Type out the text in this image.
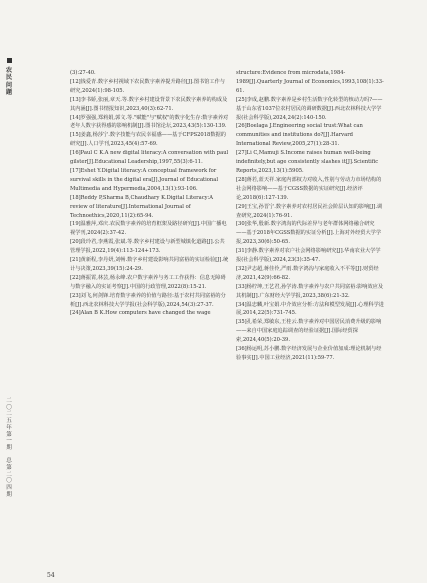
农
民
问
题
二
〇
二
五
年
第
一
期

总
第
二
〇
四
期

(3):27-40.

[12]钱爱青.数字乡村视域下农民数字素养提升路径[J].图书馆工作与研究,2024(1):98-105.

[13]李书娇,张丽,章天.等.数字乡村建设背景下农民数字素养的构成及其内涵[J].图书情报知识,2023,40(3):62-71.

[14]罗强强,郑莉娟,郭文.等."赋能"与"赋权"的数字化生存:数字素养对老年人数字获得感的影响机制[J].图书馆论坛,2023,43(5):130-139.

[15]姜鑫,杨莎宁.数字技能与农民幸福感——基于CFPS2018数据的研究[J].人口学刊,2023,45(4):57-69.

[16]Paul C K.A new digital literacy:A conversation with paul gilster[J].Educational Leadership,1997,55(3):6-11.

[17]Eshet Y.Digital literacy:A conceptual framework for survival skills in the digital era[J].Journal of Educational Multimedia and Hypermedia,2004,13(1):93-106.

[18]Reddy P,Sharma B,Chaudhary K.Digital Literacy:A review of literature[J].International Journal of Technoethics,2020,11(2):65-94.

[19]温雅萍,邓庆.农民数字素养的培育框架及路径研究[J].中国广播电视学刊,2024(2):37-42.

[20]段玲君,李燕霞,张斌.等.数字乡村建设与新型城镇化道路[J].公共管理学报,2022,19(4):113-124+173.

[21]黄新程,李丹妍,刘畅.数字乡村建设影响共同富裕的实证检验[J].统计与决策,2023,39(15):24-29.

[22]蒋振霄,林芸,杨永峰.农户数字素养与务工工作获得：信息无障碍与数字融入的实证考察[J].中国的行政管理,2022(8):15-21.

[23]刘飞,何剑锋.培育数字素养的价值与路径:基于农村共同富裕的分析[J].西北农林科技大学学报(社会科学版),2024,54(3):27-37.

[24]Alan B K.How computers have changed the wage

structure:Evidence from microdata,1984-1989[J].Quarterly Journal of Economics,1993,108(1):33-61.

[25]李成,赵鹏.数字素养是乡村生活数字化转型的核动力吗?——基于山东省1037位农村居民的调研数据[J].西北农林科技大学学报(社会科学版),2024,24(2):140-150.

[26]Boelaga J.Engineering social trust:What can communities and institutions do?[J].Harvard International Review,2005,27(1):28-31.

[27]Li C,Mamuji S.Income raises human well-being indefinitely,but age consistently slashes it[J].Scientific Reports,2023,13(1):5905.

[28]蒋若,蓝天祥.家庭内部权力对收入,性别与劳动力市场结构的社会网络影响——基于CGSS数据的实证研究[J].经济评论,2018(6):127-139.

[29]王宝,孙晋宁.数字素养对农村居民社会阶层认知的影响[J].调查研究,2024(1):76-91.

[30]张华,殷新.数字鸿沟的代际差异与老年群体网络融合研究——基于2018年CGSS数据的实证分析[J].上海对外经贸大学学报,2023,30(6):50-65.

[31]李静.数字素养对农户社会网络影响研究[J].华南农业大学学报(社会科学版),2024,23(3):35-47.

[32]尹志超,蒋佳伶,严雨.数字鸿沟与家庭收入不平等[J].财贸经济,2021,42(9):66-82.

[33]杨柠坤,王艺君,孙学涛.数字素养与农户共同富裕:影响效应及其机制[J].广东财经大学学报,2023,38(6):21-32.

[34]温忠麟,叶宝娟.中介效应分析:方法和模型发展[J].心理科学进展,2014,22(5):731-745.

[35]孔希荣,郑敏东,王桂云.数字素养对中国居民消费升级的影响——来自中国家庭追踪调查的经验证据[J].国际经贸探索,2024,40(5):20-39.

[36]杨运明,苏小鹏.数字经济发展与企业价值加成:理论机制与经验事实[J].中国工业经济,2021(11):59-77.

54
